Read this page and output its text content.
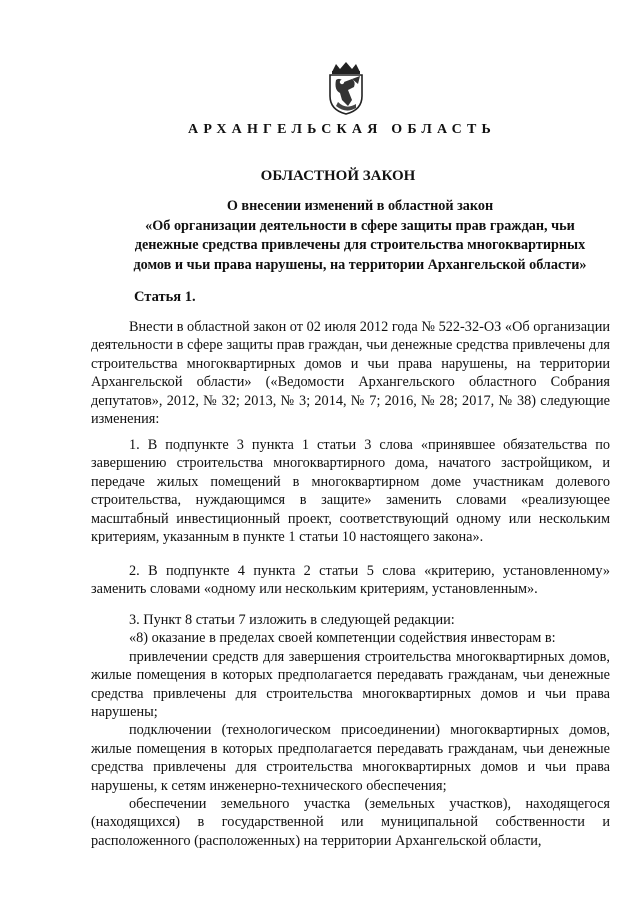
АРХАНГЕЛЬСКАЯ ОБЛАСТЬ
ОБЛАСТНОЙ ЗАКОН
О внесении изменений в областной закон
«Об организации деятельности в сфере защиты прав граждан, чьи
денежные средства привлечены для строительства многоквартирных
домов и чьи права нарушены, на территории Архангельской области»
Статья 1.

Внести в областной закон от 02 июля 2012 года № 522-32-ОЗ «Об организации деятельности в сфере защиты прав граждан, чьи денежные средства привлечены для строительства многоквартирных домов и чьи права нарушены, на территории Архангельской области» («Ведомости Архангельского областного Собрания депутатов», 2012, № 32; 2013, № 3; 2014, № 7; 2016, № 28; 2017, № 38) следующие изменения:

1. В подпункте 3 пункта 1 статьи 3 слова «принявшее обязательства по завершению строительства многоквартирного дома, начатого застройщиком, и передаче жилых помещений в многоквартирном доме участникам долевого строительства, нуждающимся в защите» заменить словами «реализующее масштабный инвестиционный проект, соответствующий одному или нескольким критериям, указанным в пункте 1 статьи 10 настоящего закона».

2. В подпункте 4 пункта 2 статьи 5 слова «критерию, установленному» заменить словами «одному или нескольким критериям, установленным».

3. Пункт 8 статьи 7 изложить в следующей редакции:

«8) оказание в пределах своей компетенции содействия инвесторам в:

привлечении средств для завершения строительства многоквартирных домов, жилые помещения в которых предполагается передавать гражданам, чьи денежные средства привлечены для строительства многоквартирных домов и чьи права нарушены;

подключении (технологическом присоединении) многоквартирных домов, жилые помещения в которых предполагается передавать гражданам, чьи денежные средства привлечены для строительства многоквартирных домов и чьи права нарушены, к сетям инженерно-технического обеспечения;

обеспечении земельного участка (земельных участков), находящегося (находящихся) в государственной или муниципальной собственности и расположенного (расположенных) на территории Архангельской области,
